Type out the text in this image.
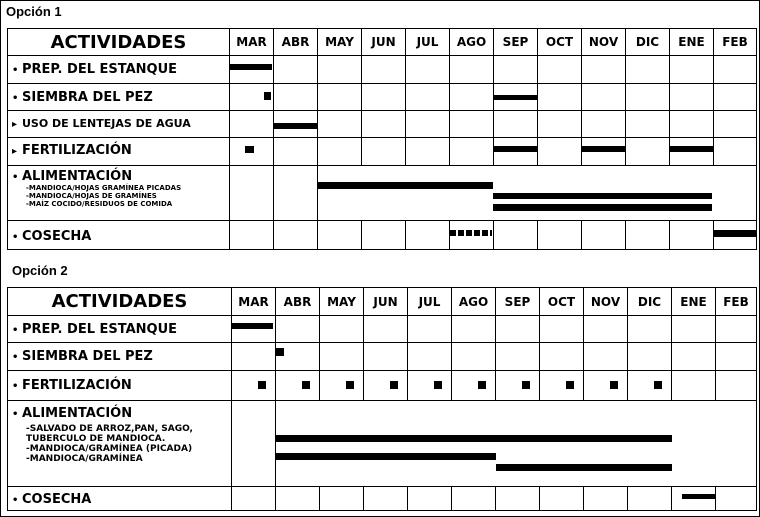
Opción 1
ACTIVIDADES	MAR	ABR	MAY	JUN	JUL	AGO	SEP	OCT	NOV	DIC	ENE	FEB

• PREP. DEL ESTANQUE												

• SIEMBRA DEL PEZ												

▸ USO DE LENTEJAS DE AGUA												

▸ FERTILIZACIÓN												

• ALIMENTACIÓN
-MANDIOCA/HOJAS GRAMÍNEA PICADAS
-MANDIOCA/HOJAS DE GRAMÍNES
-MAÍZ COCIDO/RESIDUOS DE COMIDA												

• COSECHA												

Opción 2
ACTIVIDADES	MAR	ABR	MAY	JUN	JUL	AGO	SEP	OCT	NOV	DIC	ENE	FEB

• PREP. DEL ESTANQUE												

• SIEMBRA DEL PEZ												

• FERTILIZACIÓN												

• ALIMENTACIÓN
-SALVADO DE ARROZ,PAN, SAGO,
TUBERCULO DE MANDIOCA.
-MANDIOCA/GRAMÍNEA (PICADA)
-MANDIOCA/GRAMÍNEA												

• COSECHA												
